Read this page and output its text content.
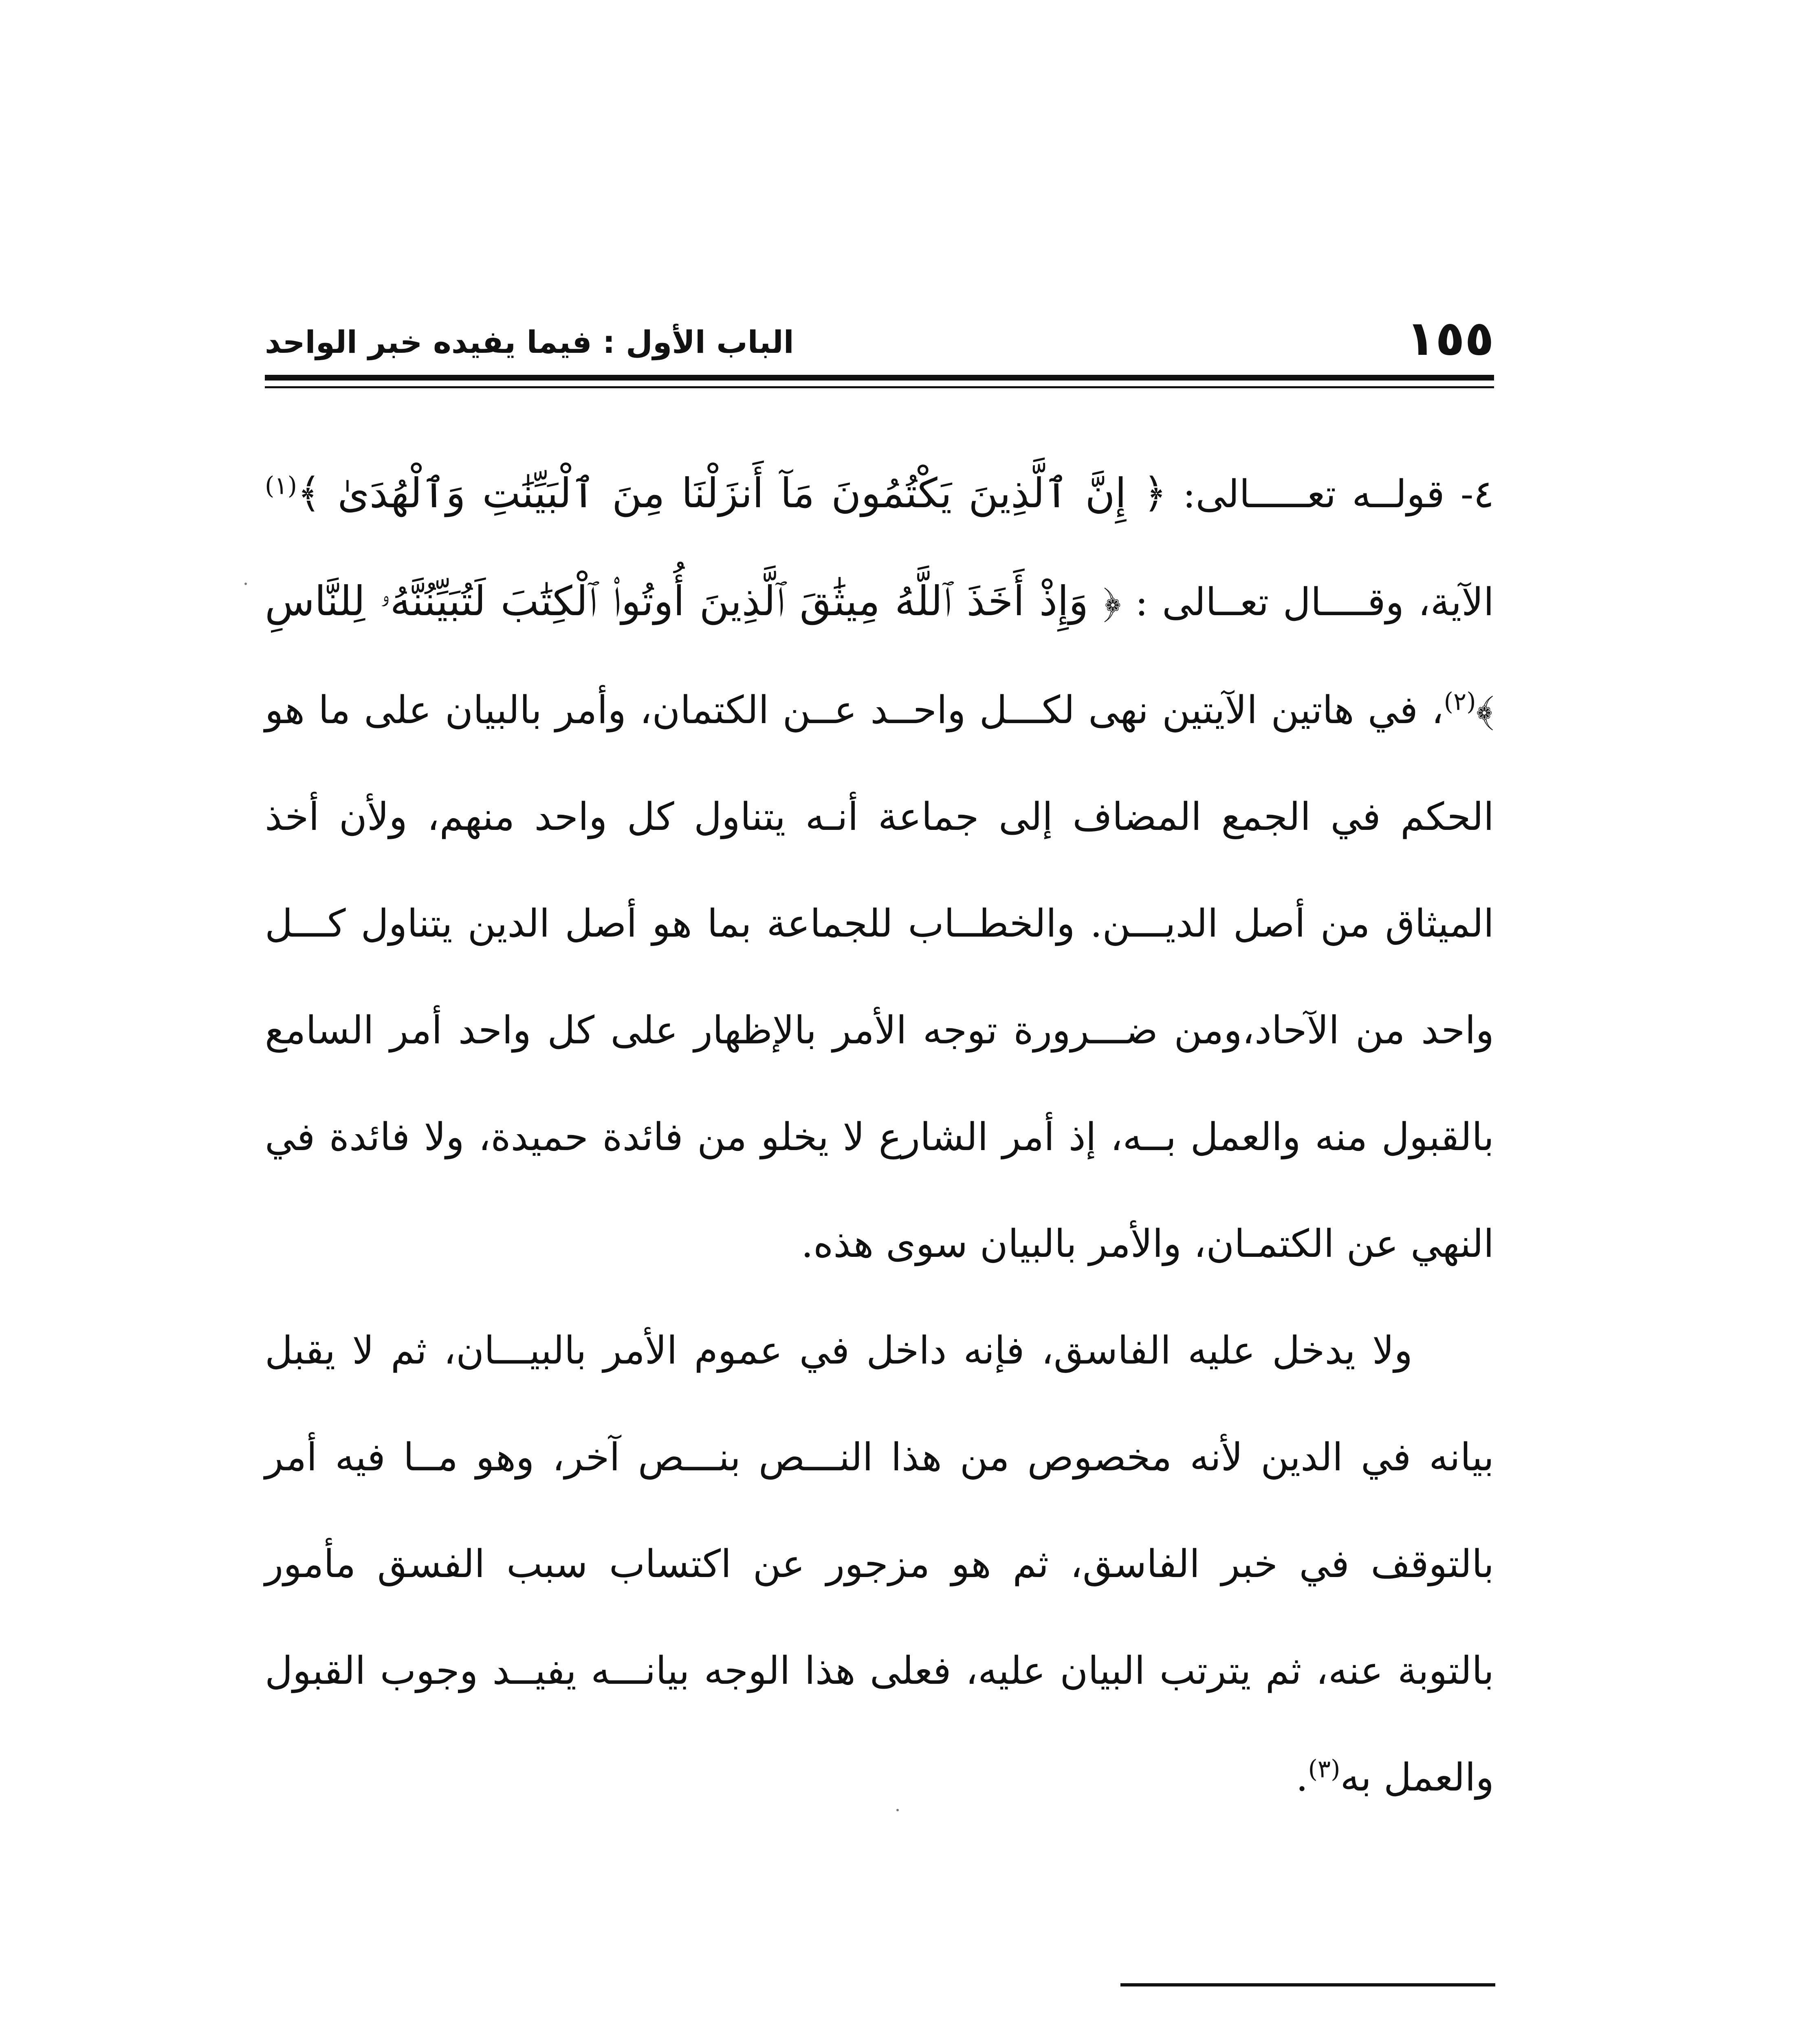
١٥٥
الباب الأول : فيما يفيده خبر الواحد

٤- قولــه تعـــــالى: ﴿ إِنَّ ٱلَّذِينَ يَكْتُمُونَ مَآ أَنزَلْنَا مِنَ ٱلْبَيِّنَٰتِ وَٱلْهُدَىٰ ﴾$^{(١)}$ الآية، وقــــال تعــالى : ﴿ وَإِذْ أَخَذَ ٱللَّهُ مِيثَٰقَ ٱلَّذِينَ أُوتُوا۟ ٱلْكِتَٰبَ لَتُبَيِّنُنَّهُۥ لِلنَّاسِ ﴾$^{(٢)}$، في هاتين الآيتين نهى لكـــل واحــد عــن الكتمان، وأمر بالبيان على ما هو الحكم في الجمع المضاف إلى جماعة أنـه يتناول كل واحد منهم، ولأن أخذ الميثاق من أصل الديـــن. والخطــاب للجماعة بما هو أصل الدين يتناول كـــل واحد من الآحاد،ومن ضـــرورة توجه الأمر بالإظهار على كل واحد أمر السامع بالقبول منه والعمل بــه، إذ أمر الشارع لا يخلو من فائدة حميدة، ولا فائدة في النهي عن الكتمـان، والأمر بالبيان سوى هذه.

ولا يدخل عليه الفاسق، فإنه داخل في عموم الأمر بالبيـــان، ثم لا يقبل بيانه في الدين لأنه مخصوص من هذا النـــص بنـــص آخر، وهو مــا فيه أمر بالتوقف في خبر الفاسق، ثم هو مزجور عن اكتساب سبب الفسق مأمور بالتوبة عنه، ثم يترتب البيان عليه، فعلى هذا الوجه بيانـــه يفيــد وجوب القبول والعمل به$^{(٣)}$.
